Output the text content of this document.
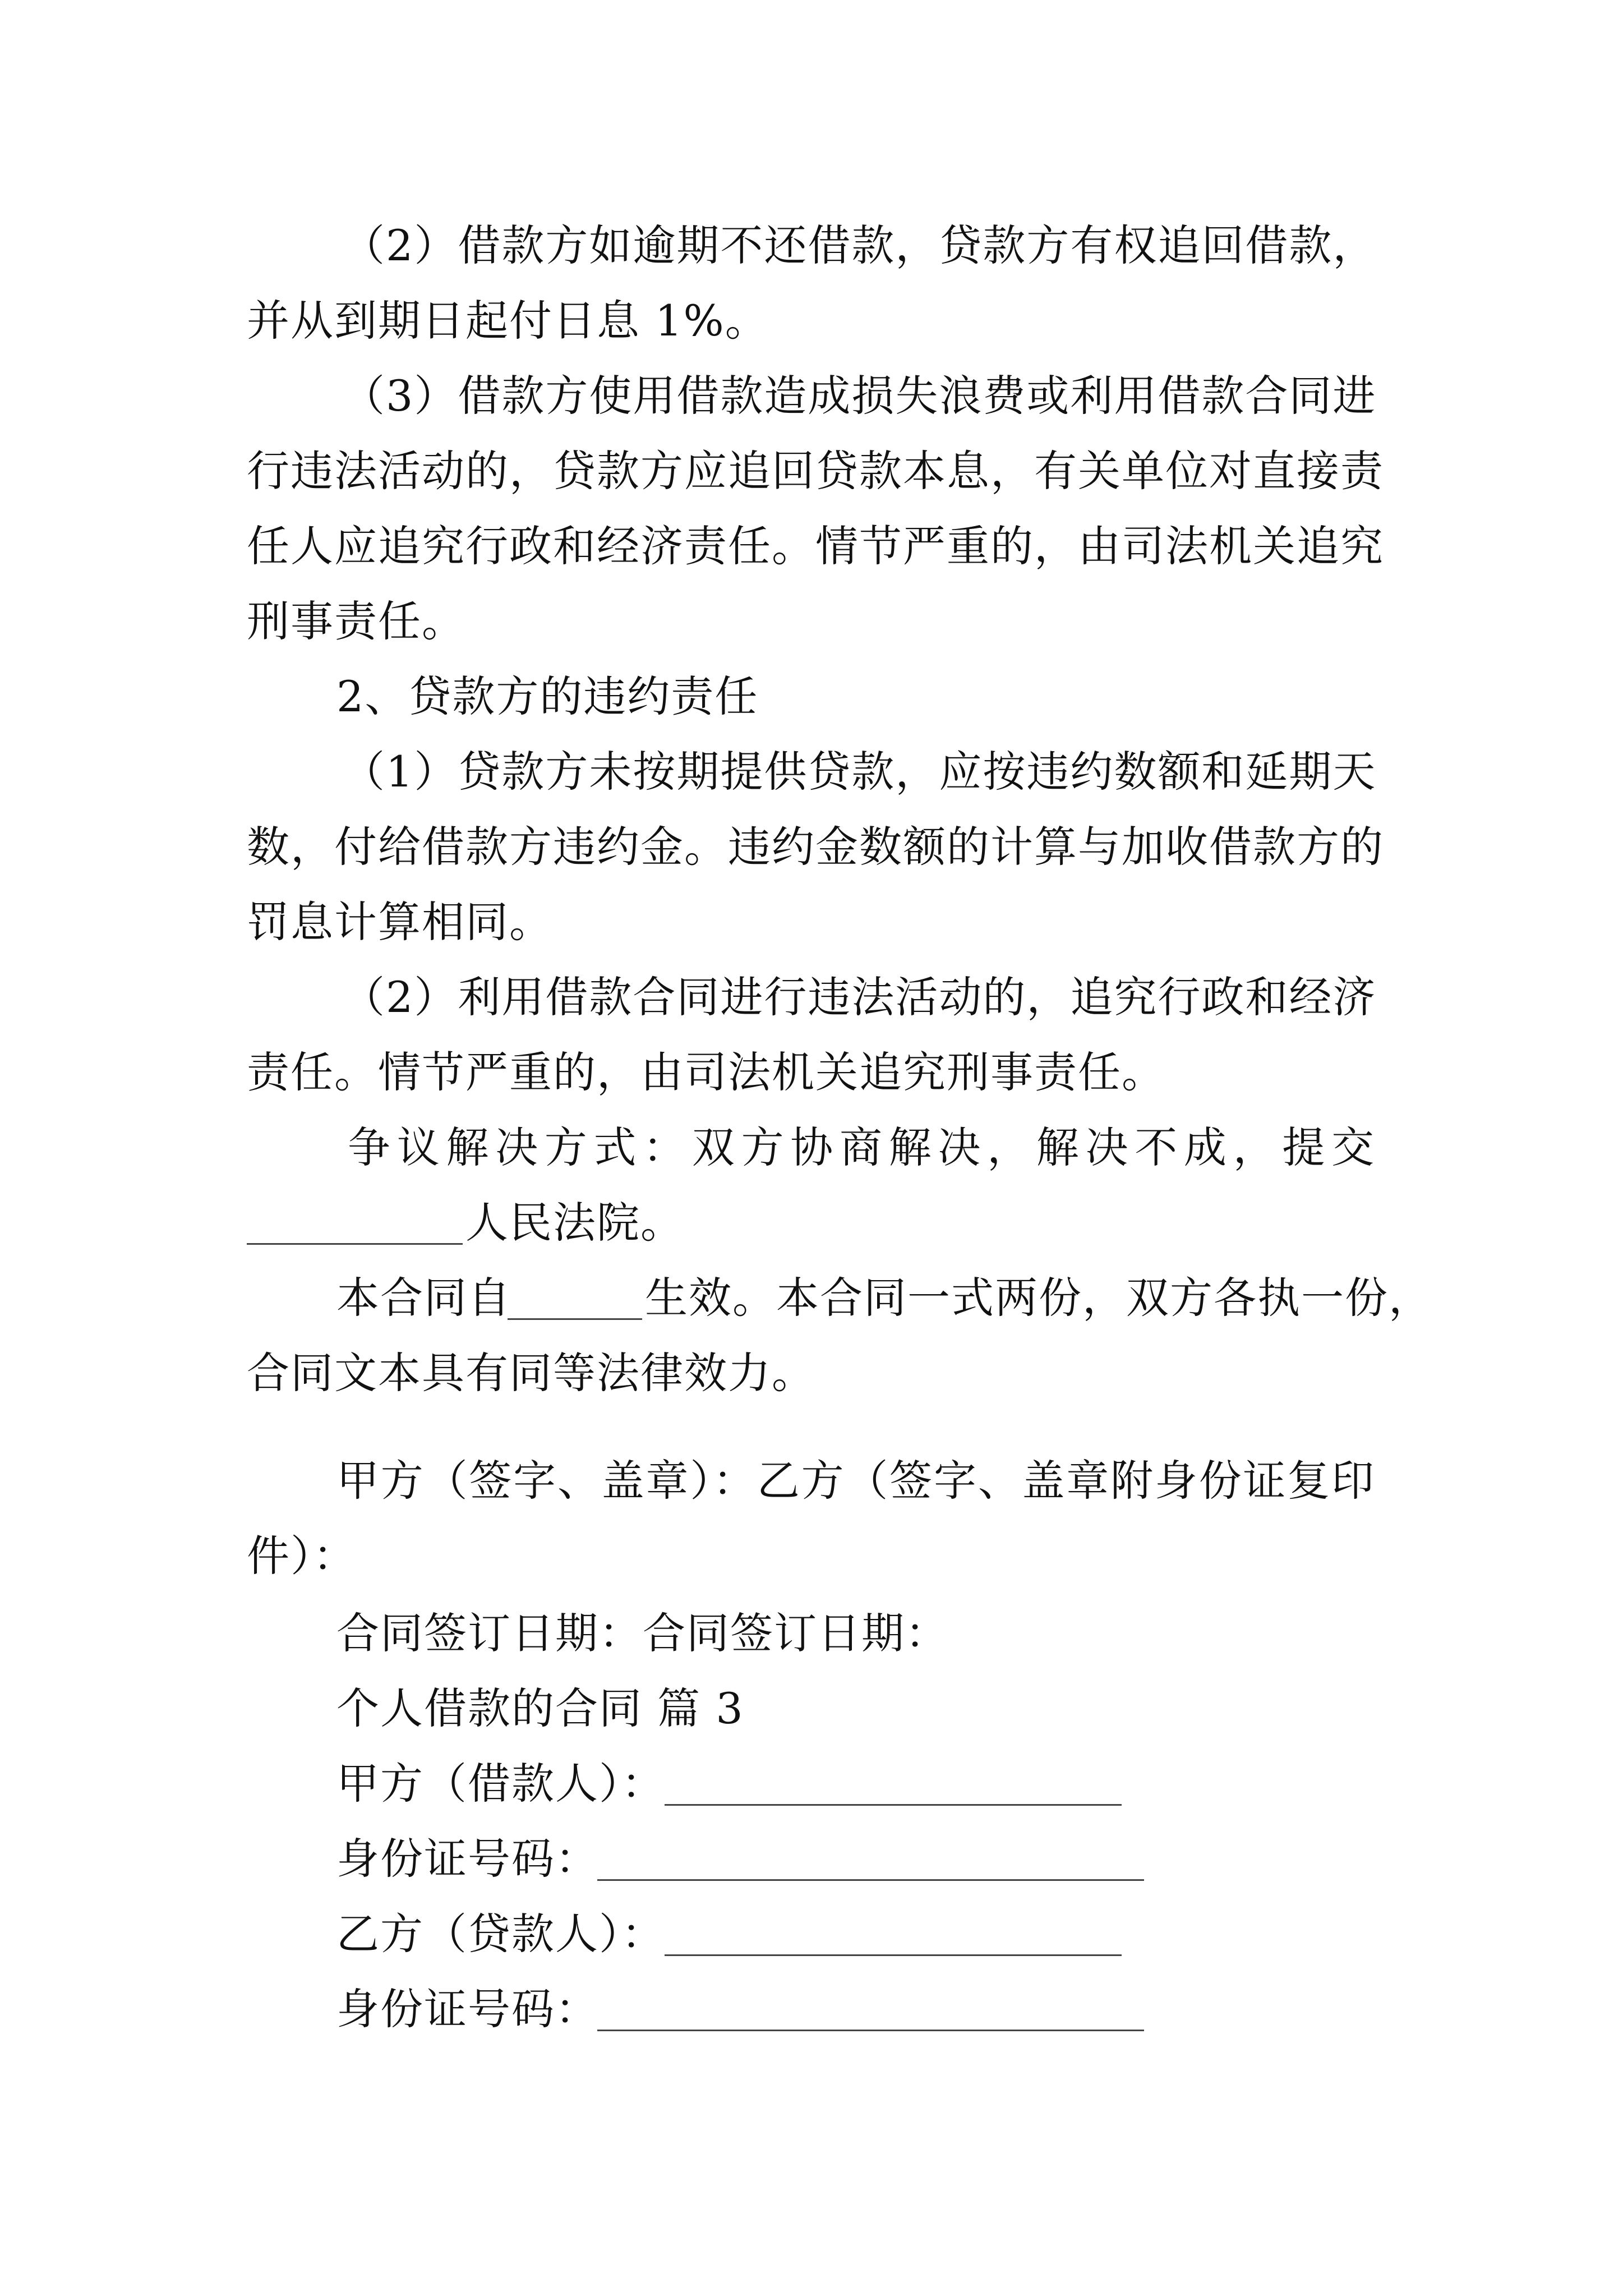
（2）借款方如逾期不还借款，贷款方有权追回借款，
并从到期日起付日息 1%。
（3）借款方使用借款造成损失浪费或利用借款合同进
行违法活动的，贷款方应追回贷款本息，有关单位对直接责
任人应追究行政和经济责任。情节严重的，由司法机关追究
刑事责任。
2、贷款方的违约责任
（1）贷款方未按期提供贷款，应按违约数额和延期天
数，付给借款方违约金。违约金数额的计算与加收借款方的
罚息计算相同。
（2）利用借款合同进行违法活动的，追究行政和经济
责任。情节严重的，由司法机关追究刑事责任。
争议解决方式：双方协商解决，解决不成，提交
人民法院。
本合同自	生效。本合同一式两份，双方各执一份，
合同文本具有同等法律效力。
甲方（签字、盖章）：乙方（签字、盖章附身份证复印
件）：
合同签订日期：合同签订日期：
个人借款的合同 篇 3
甲方（借款人）：
身份证号码：
乙方（贷款人）：
身份证号码：
